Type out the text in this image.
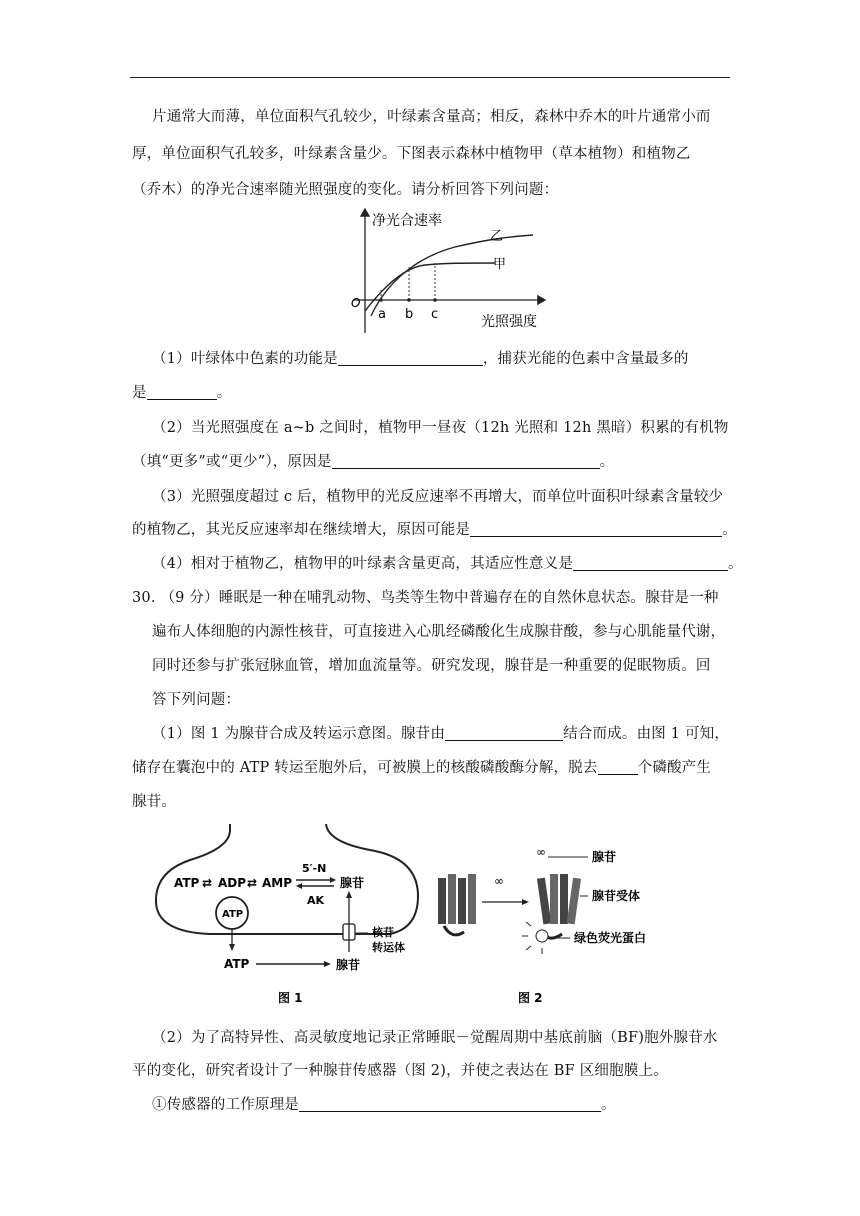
片通常大而薄，单位面积气孔较少，叶绿素含量高；相反，森林中乔木的叶片通常小而
厚，单位面积气孔较多，叶绿素含量少。下图表示森林中植物甲（草本植物）和植物乙
（乔木）的净光合速率随光照强度的变化。请分析回答下列问题：
净光合速率
光照强度
O
乙
甲
a b c
（1）叶绿体中色素的功能是	，捕获光能的色素中含量最多的
是	。
（2）当光照强度在 a~b 之间时，植物甲一昼夜（12h 光照和 12h 黑暗）积累的有机物
（填“更多”或“更少”），原因是	。
（3）光照强度超过 c 后，植物甲的光反应速率不再增大，而单位叶面积叶绿素含量较少
的植物乙，其光反应速率却在继续增大，原因可能是	。
（4）相对于植物乙，植物甲的叶绿素含量更高，其适应性意义是	。
30. （9 分）睡眠是一种在哺乳动物、鸟类等生物中普遍存在的自然休息状态。腺苷是一种
遍布人体细胞的内源性核苷，可直接进入心肌经磷酸化生成腺苷酸，参与心肌能量代谢，
同时还参与扩张冠脉血管，增加血流量等。研究发现，腺苷是一种重要的促眠物质。回
答下列问题：
（1）图 1 为腺苷合成及转运示意图。腺苷由	结合而成。由图 1 可知，
储存在囊泡中的 ATP 转运至胞外后，可被膜上的核酸磷酸酶分解，脱去	个磷酸产生
腺苷。
ATP ⇄ ADP ⇄ AMP
5′-N
腺苷
AK
ATP
ATP	腺苷
核苷
转运体
图 1
∞
∞	腺苷
腺苷受体
绿色荧光蛋白
图 2
（2）为了高特异性、高灵敏度地记录正常睡眠－觉醒周期中基底前脑（BF)胞外腺苷水
平的变化，研究者设计了一种腺苷传感器（图 2)，并使之表达在 BF 区细胞膜上。
①传感器的工作原理是	。
